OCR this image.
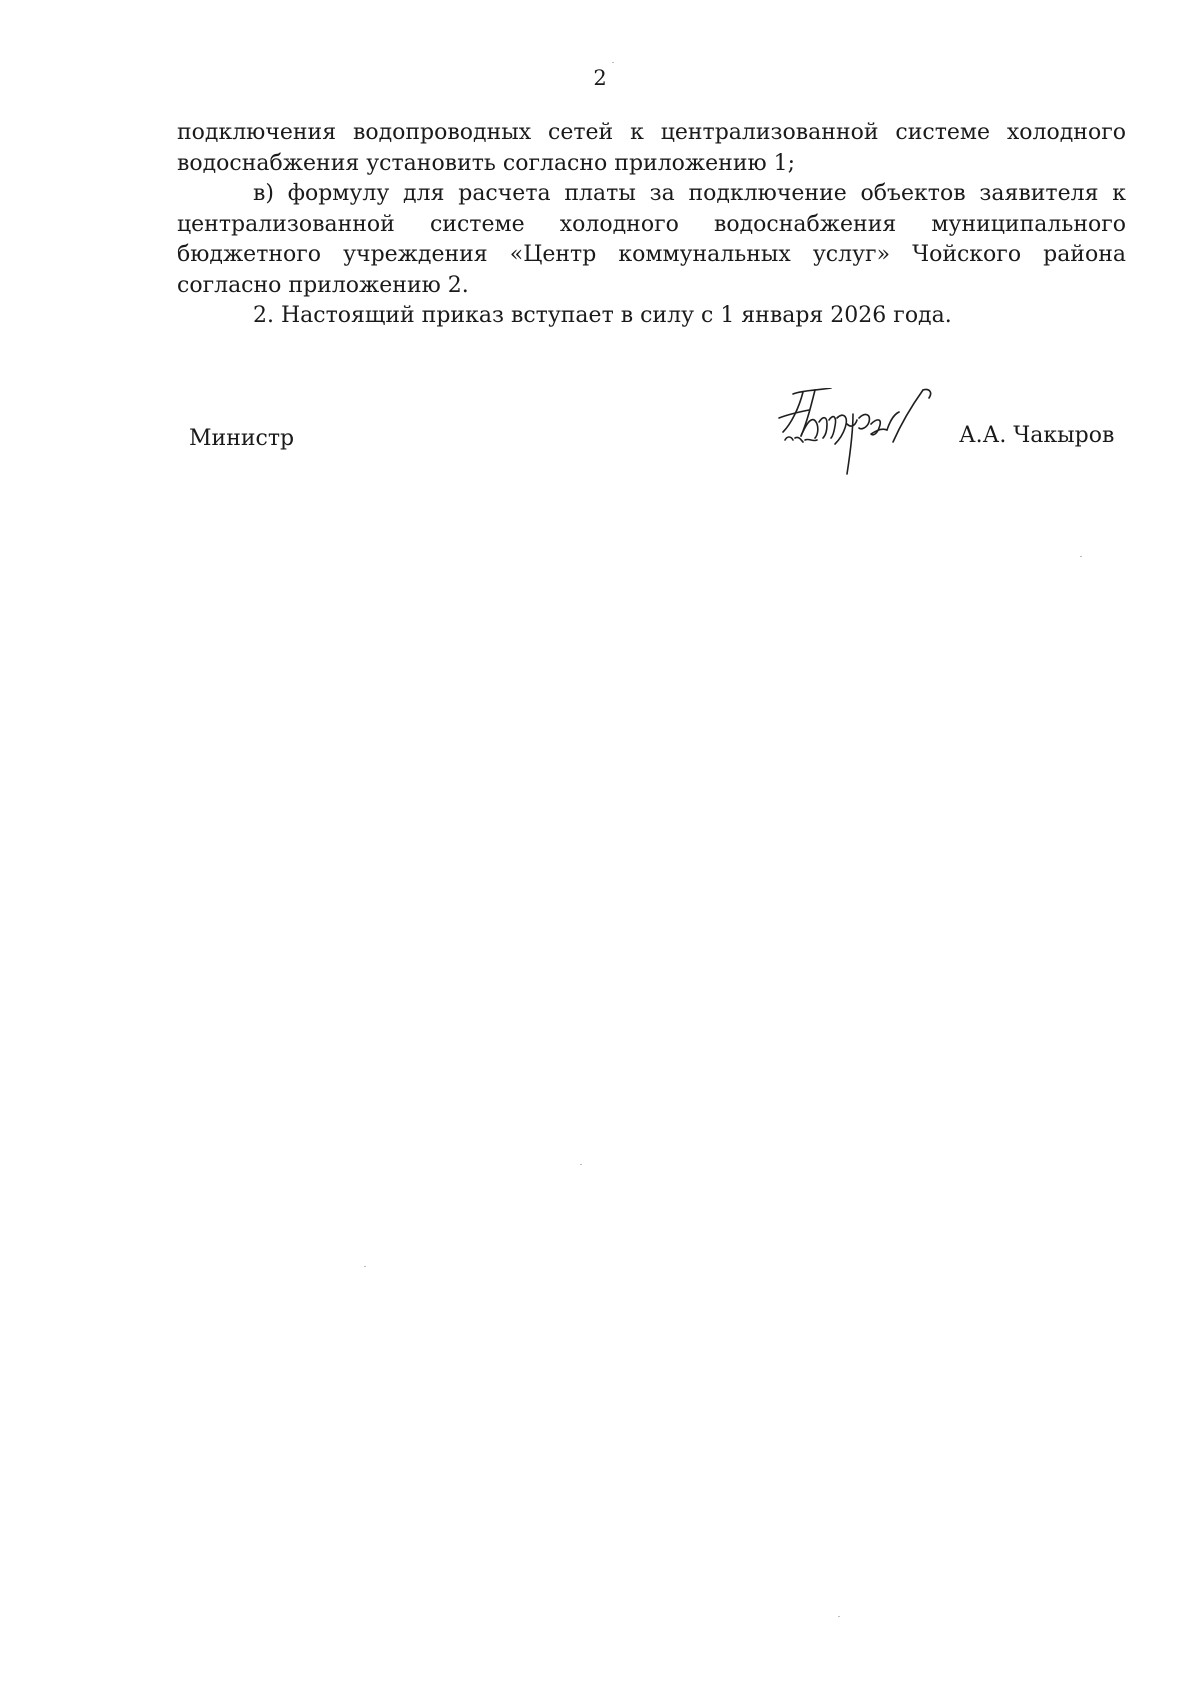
2

подключения водопроводных сетей к централизованной системе холодного водоснабжения установить согласно приложению 1;

в) формулу для расчета платы за подключение объектов заявителя к централизованной системе холодного водоснабжения муниципального бюджетного учреждения «Центр коммунальных услуг» Чойского района согласно приложению 2.

2. Настоящий приказ вступает в силу с 1 января 2026 года.

Министр	А.А. Чакыров
